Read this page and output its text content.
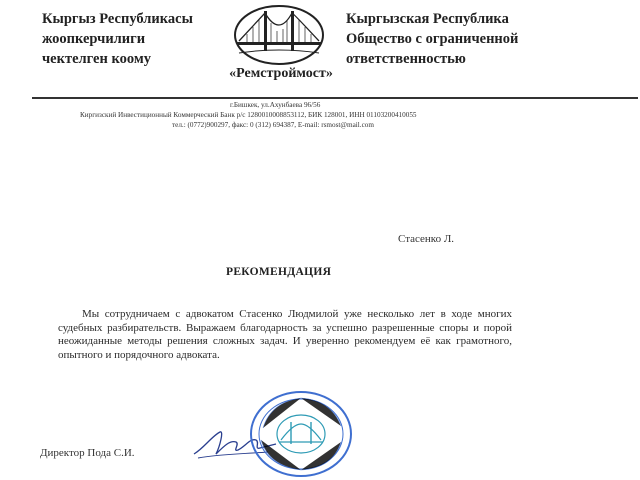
Кыргыз Республикасы
жоопкерчилиги
чектелген коому
«Ремстроймост»
Кыргызская Республика
Общество с ограниченной
ответственностью
г.Бишкек, ул.Ахунбаева 96/56
Киргизский Инвестиционный Коммерческий Банк р/с 1280010008853112, БИК 128001, ИНН 01103200410055
тел.: (0772)900297, факс: 0 (312) 694387, E-mail: rsmost@mail.com
Стасенко Л.
РЕКОМЕНДАЦИЯ

Мы сотрудничаем с адвокатом Стасенко Людмилой уже несколько лет в ходе многих судебных разбирательств. Выражаем благодарность за успешно разрешенные споры и порой неожиданные методы решения сложных задач. И уверенно рекомендуем её как грамотного, опытного и порядочного адвоката.

Директор Пода С.И.
